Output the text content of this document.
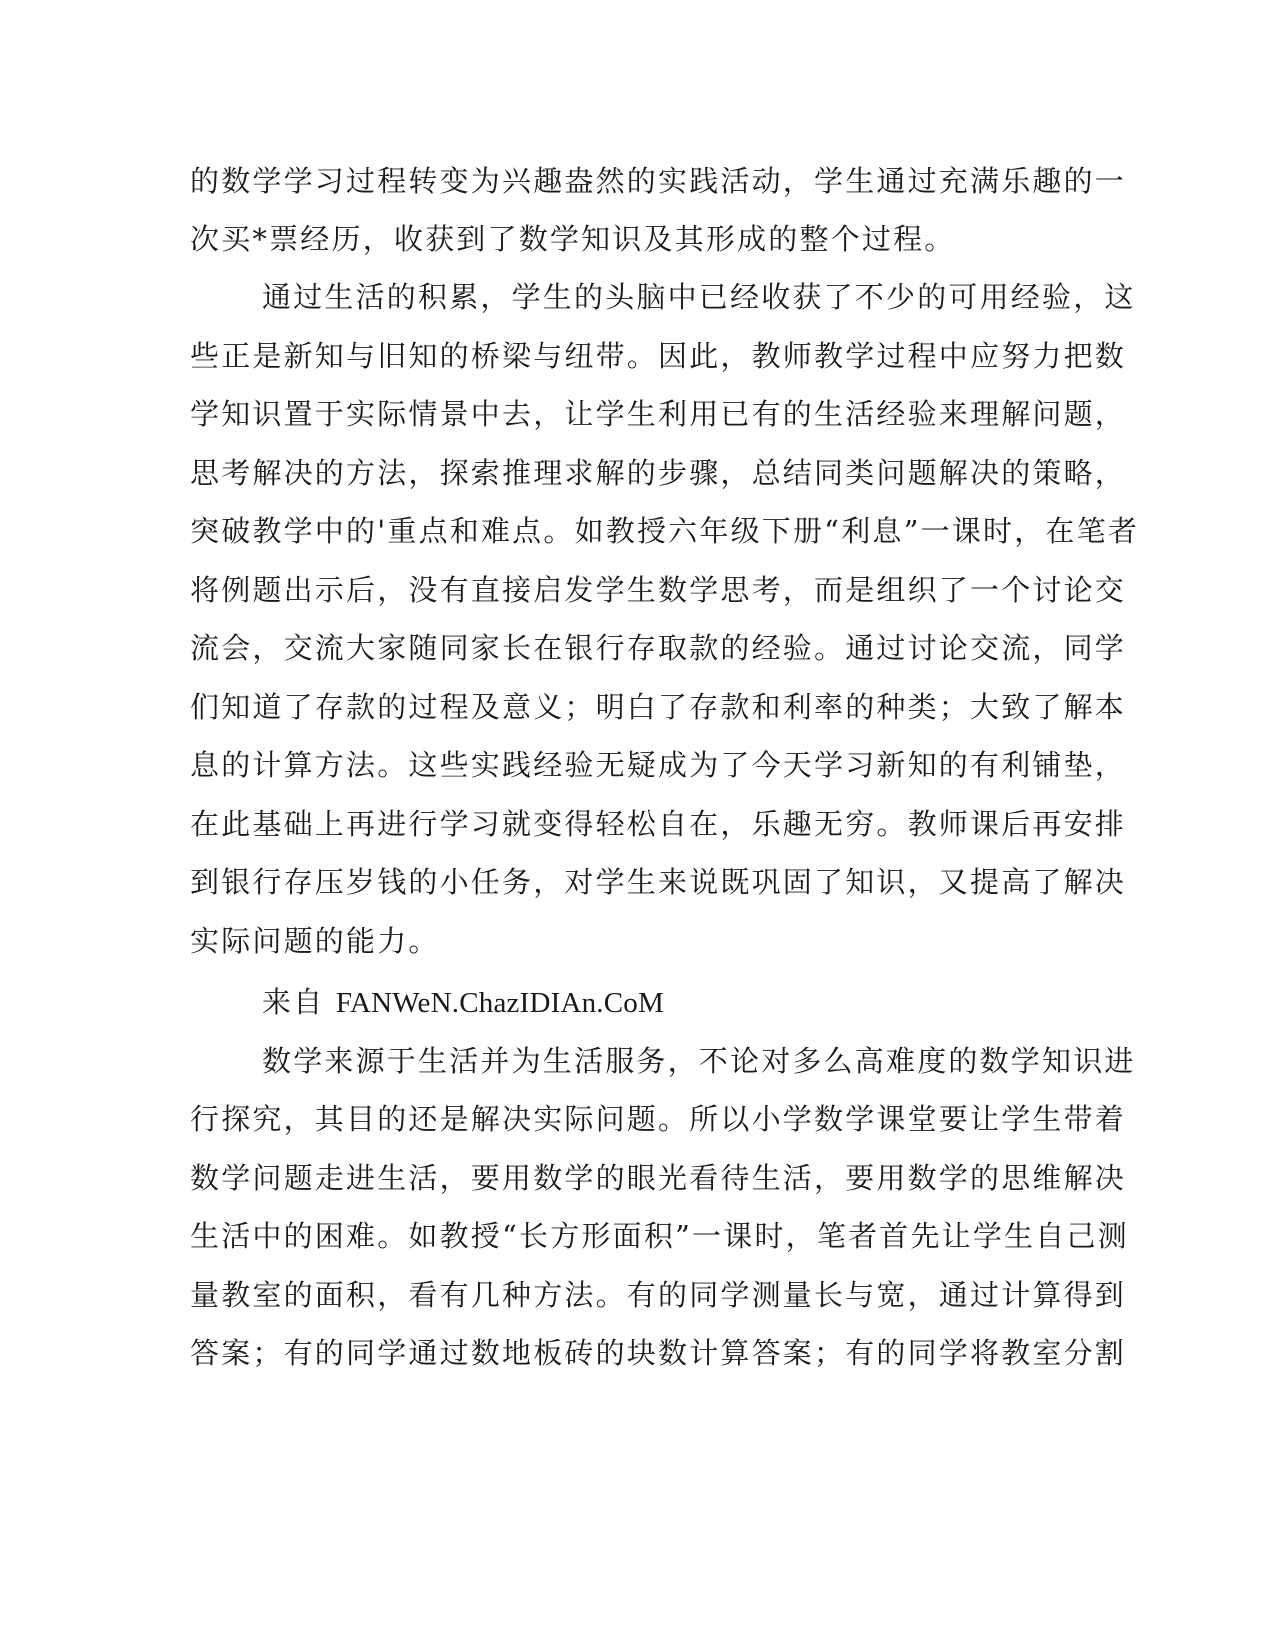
的数学学习过程转变为兴趣盎然的实践活动，学生通过充满乐趣的一
次买*票经历，收获到了数学知识及其形成的整个过程。
通过生活的积累，学生的头脑中已经收获了不少的可用经验，这
些正是新知与旧知的桥梁与纽带。因此，教师教学过程中应努力把数
学知识置于实际情景中去，让学生利用已有的生活经验来理解问题，
思考解决的方法，探索推理求解的步骤，总结同类问题解决的策略，
突破教学中的'重点和难点。如教授六年级下册“利息”一课时，在笔者
将例题出示后，没有直接启发学生数学思考，而是组织了一个讨论交
流会，交流大家随同家长在银行存取款的经验。通过讨论交流，同学
们知道了存款的过程及意义；明白了存款和利率的种类；大致了解本
息的计算方法。这些实践经验无疑成为了今天学习新知的有利铺垫，
在此基础上再进行学习就变得轻松自在，乐趣无穷。教师课后再安排
到银行存压岁钱的小任务，对学生来说既巩固了知识，又提高了解决
实际问题的能力。
来自 FANWeN.ChazIDIAn.CoM
数学来源于生活并为生活服务，不论对多么高难度的数学知识进
行探究，其目的还是解决实际问题。所以小学数学课堂要让学生带着
数学问题走进生活，要用数学的眼光看待生活，要用数学的思维解决
生活中的困难。如教授“长方形面积”一课时，笔者首先让学生自己测
量教室的面积，看有几种方法。有的同学测量长与宽，通过计算得到
答案；有的同学通过数地板砖的块数计算答案；有的同学将教室分割
